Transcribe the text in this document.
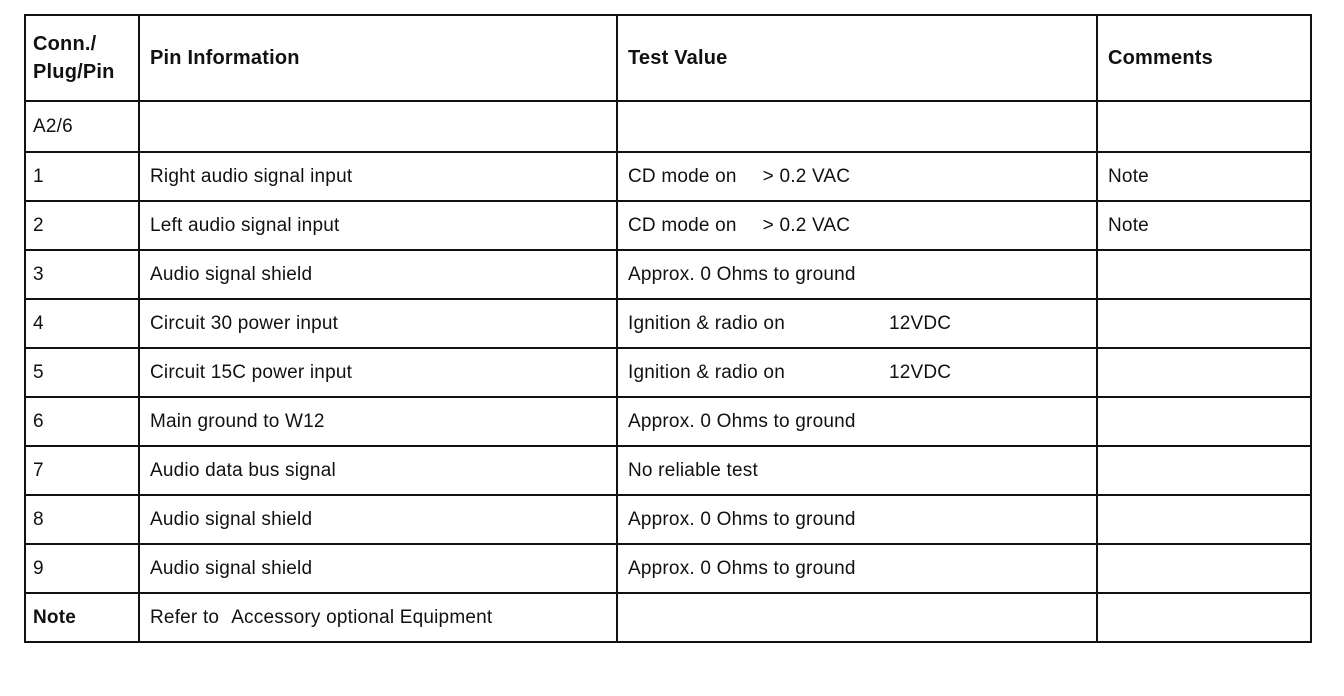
Conn./
Plug/Pin	Pin Information	Test Value	Comments
A2/6			
1	Right audio signal input	CD mode on > 0.2 VAC	Note
2	Left audio signal input	CD mode on > 0.2 VAC	Note
3	Audio signal shield	Approx. 0 Ohms to ground	
4	Circuit 30 power input	Ignition & radio on 12VDC	
5	Circuit 15C power input	Ignition & radio on 12VDC	
6	Main ground to W12	Approx. 0 Ohms to ground	
7	Audio data bus signal	No reliable test	
8	Audio signal shield	Approx. 0 Ohms to ground	
9	Audio signal shield	Approx. 0 Ohms to ground	
Note	Refer to Accessory optional Equipment		
